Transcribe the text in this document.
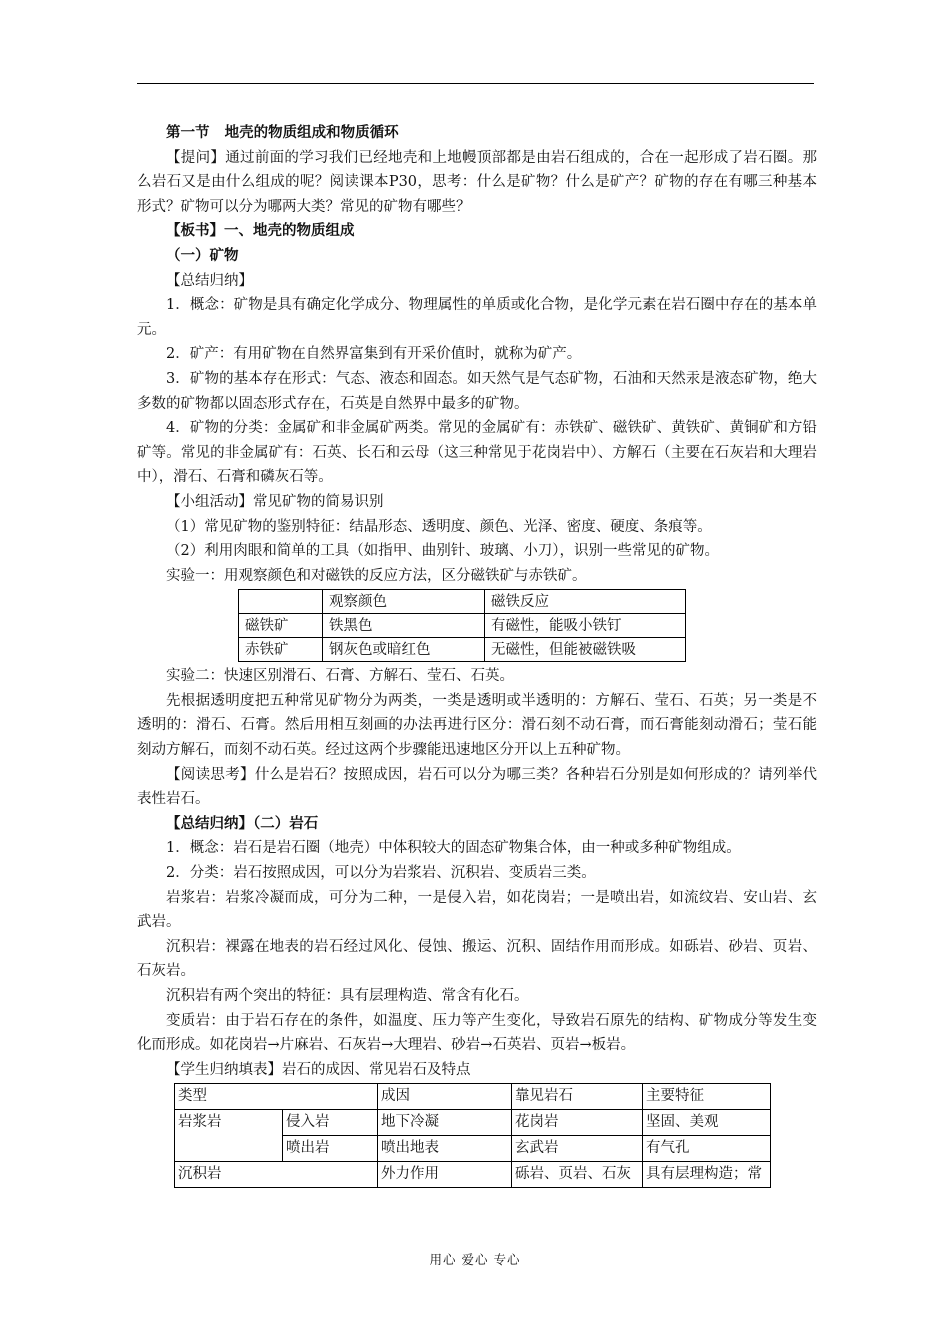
第一节   地壳的物质组成和物质循环

【提问】通过前面的学习我们已经地壳和上地幔顶部都是由岩石组成的，合在一起形成了岩石圈。那么岩石又是由什么组成的呢？阅读课本P30，思考：什么是矿物？什么是矿产？矿物的存在有哪三种基本形式？矿物可以分为哪两大类？常见的矿物有哪些？

【板书】一、地壳的物质组成

（一）矿物

【总结归纳】

1．概念：矿物是具有确定化学成分、物理属性的单质或化合物，是化学元素在岩石圈中存在的基本单元。

2．矿产：有用矿物在自然界富集到有开采价值时，就称为矿产。

3．矿物的基本存在形式：气态、液态和固态。如天然气是气态矿物，石油和天然汞是液态矿物，绝大多数的矿物都以固态形式存在，石英是自然界中最多的矿物。

4．矿物的分类：金属矿和非金属矿两类。常见的金属矿有：赤铁矿、磁铁矿、黄铁矿、黄铜矿和方铅矿等。常见的非金属矿有：石英、长石和云母（这三种常见于花岗岩中）、方解石（主要在石灰岩和大理岩中），滑石、石膏和磷灰石等。

【小组活动】常见矿物的简易识别

（1）常见矿物的鉴别特征：结晶形态、透明度、颜色、光泽、密度、硬度、条痕等。

（2）利用肉眼和简单的工具（如指甲、曲别针、玻璃、小刀），识别一些常见的矿物。

实验一：用观察颜色和对磁铁的反应方法，区分磁铁矿与赤铁矿。

	观察颜色	磁铁反应
磁铁矿	铁黑色	有磁性，能吸小铁钉
赤铁矿	钢灰色或暗红色	无磁性，但能被磁铁吸

实验二：快速区别滑石、石膏、方解石、莹石、石英。

先根据透明度把五种常见矿物分为两类，一类是透明或半透明的：方解石、莹石、石英；另一类是不透明的：滑石、石膏。然后用相互刻画的办法再进行区分：滑石刻不动石膏，而石膏能刻动滑石；莹石能刻动方解石，而刻不动石英。经过这两个步骤能迅速地区分开以上五种矿物。

【阅读思考】什么是岩石？按照成因，岩石可以分为哪三类？各种岩石分别是如何形成的？请列举代表性岩石。

【总结归纳】（二）岩石

1．概念：岩石是岩石圈（地壳）中体积较大的固态矿物集合体，由一种或多种矿物组成。

2．分类：岩石按照成因，可以分为岩浆岩、沉积岩、变质岩三类。

岩浆岩：岩浆冷凝而成，可分为二种，一是侵入岩，如花岗岩；一是喷出岩，如流纹岩、安山岩、玄武岩。

沉积岩：裸露在地表的岩石经过风化、侵蚀、搬运、沉积、固结作用而形成。如砾岩、砂岩、页岩、石灰岩。

沉积岩有两个突出的特征：具有层理构造、常含有化石。

变质岩：由于岩石存在的条件，如温度、压力等产生变化，导致岩石原先的结构、矿物成分等发生变化而形成。如花岗岩→片麻岩、石灰岩→大理岩、砂岩→石英岩、页岩→板岩。

【学生归纳填表】岩石的成因、常见岩石及特点

类型		成因	靠见岩石	主要特征
岩浆岩	侵入岩	地下冷凝	花岗岩	坚固、美观
	喷出岩	喷出地表	玄武岩	有气孔
沉积岩		外力作用	砾岩、页岩、石灰	具有层理构造；常
用心 爱心 专心
